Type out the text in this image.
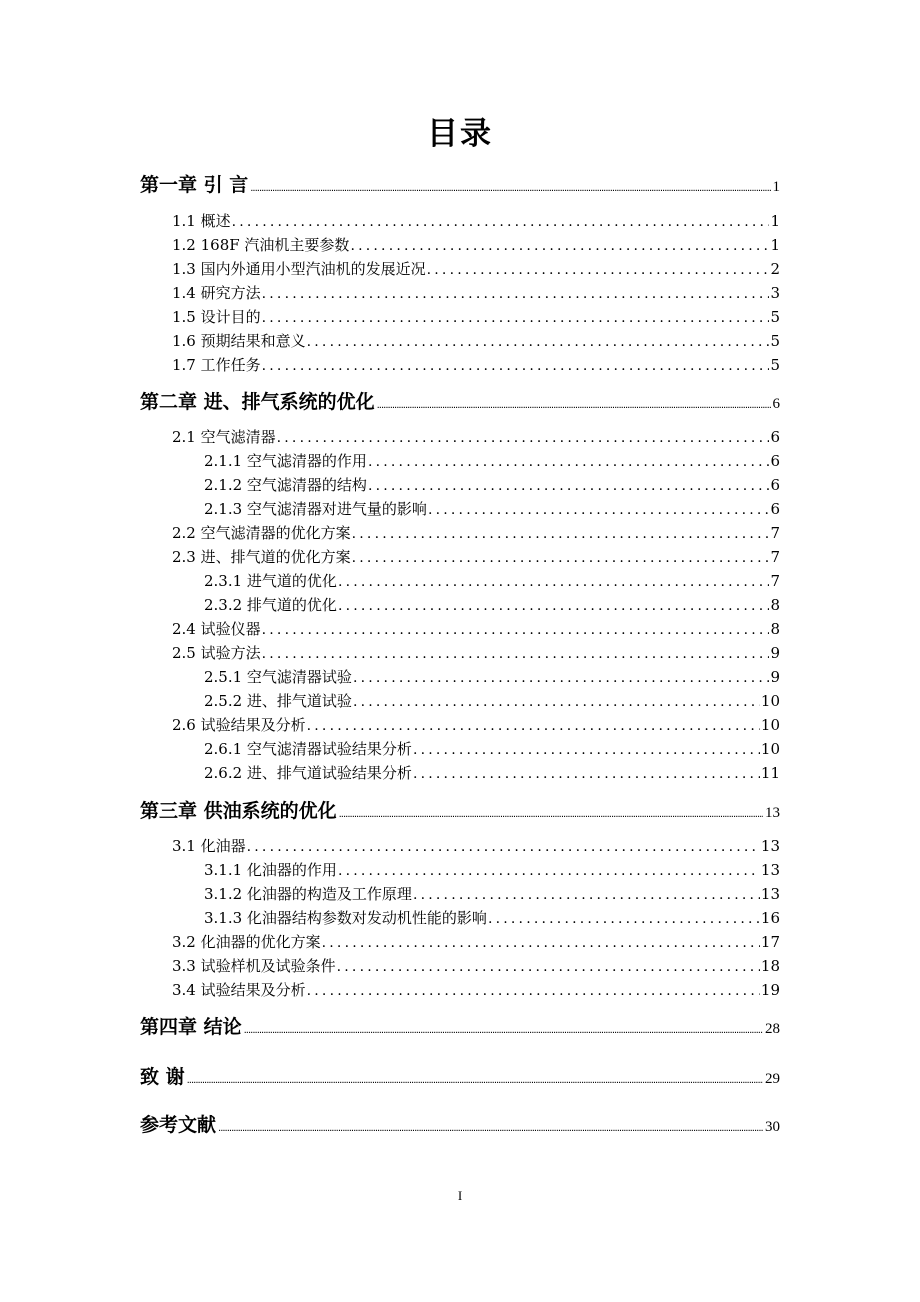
目录
第一章 引 言 .....	1
1.1 概述 .....	1
1.2 168F 汽油机主要参数 .....	1
1.3 国内外通用小型汽油机的发展近况 .....	2
1.4 研究方法 .....	3
1.5 设计目的 .....	5
1.6 预期结果和意义 .....	5
1.7 工作任务 .....	5
第二章 进、排气系统的优化 .....	6
2.1 空气滤清器 .....	6
2.1.1 空气滤清器的作用 .....	6
2.1.2 空气滤清器的结构 .....	6
2.1.3 空气滤清器对进气量的影响 .....	6
2.2 空气滤清器的优化方案 .....	7
2.3 进、排气道的优化方案 .....	7
2.3.1 进气道的优化 .....	7
2.3.2 排气道的优化 .....	8
2.4 试验仪器 .....	8
2.5 试验方法 .....	9
2.5.1 空气滤清器试验 .....	9
2.5.2 进、排气道试验 .....	10
2.6 试验结果及分析 .....	10
2.6.1 空气滤清器试验结果分析 .....	10
2.6.2 进、排气道试验结果分析 .....	11
第三章 供油系统的优化 .....	13
3.1 化油器 .....	13
3.1.1 化油器的作用 .....	13
3.1.2 化油器的构造及工作原理 .....	13
3.1.3 化油器结构参数对发动机性能的影响 .....	16
3.2 化油器的优化方案 .....	17
3.3 试验样机及试验条件 .....	18
3.4 试验结果及分析 .....	19
第四章 结论 .....	28
致 谢 .....	29
参考文献 .....	30
I
